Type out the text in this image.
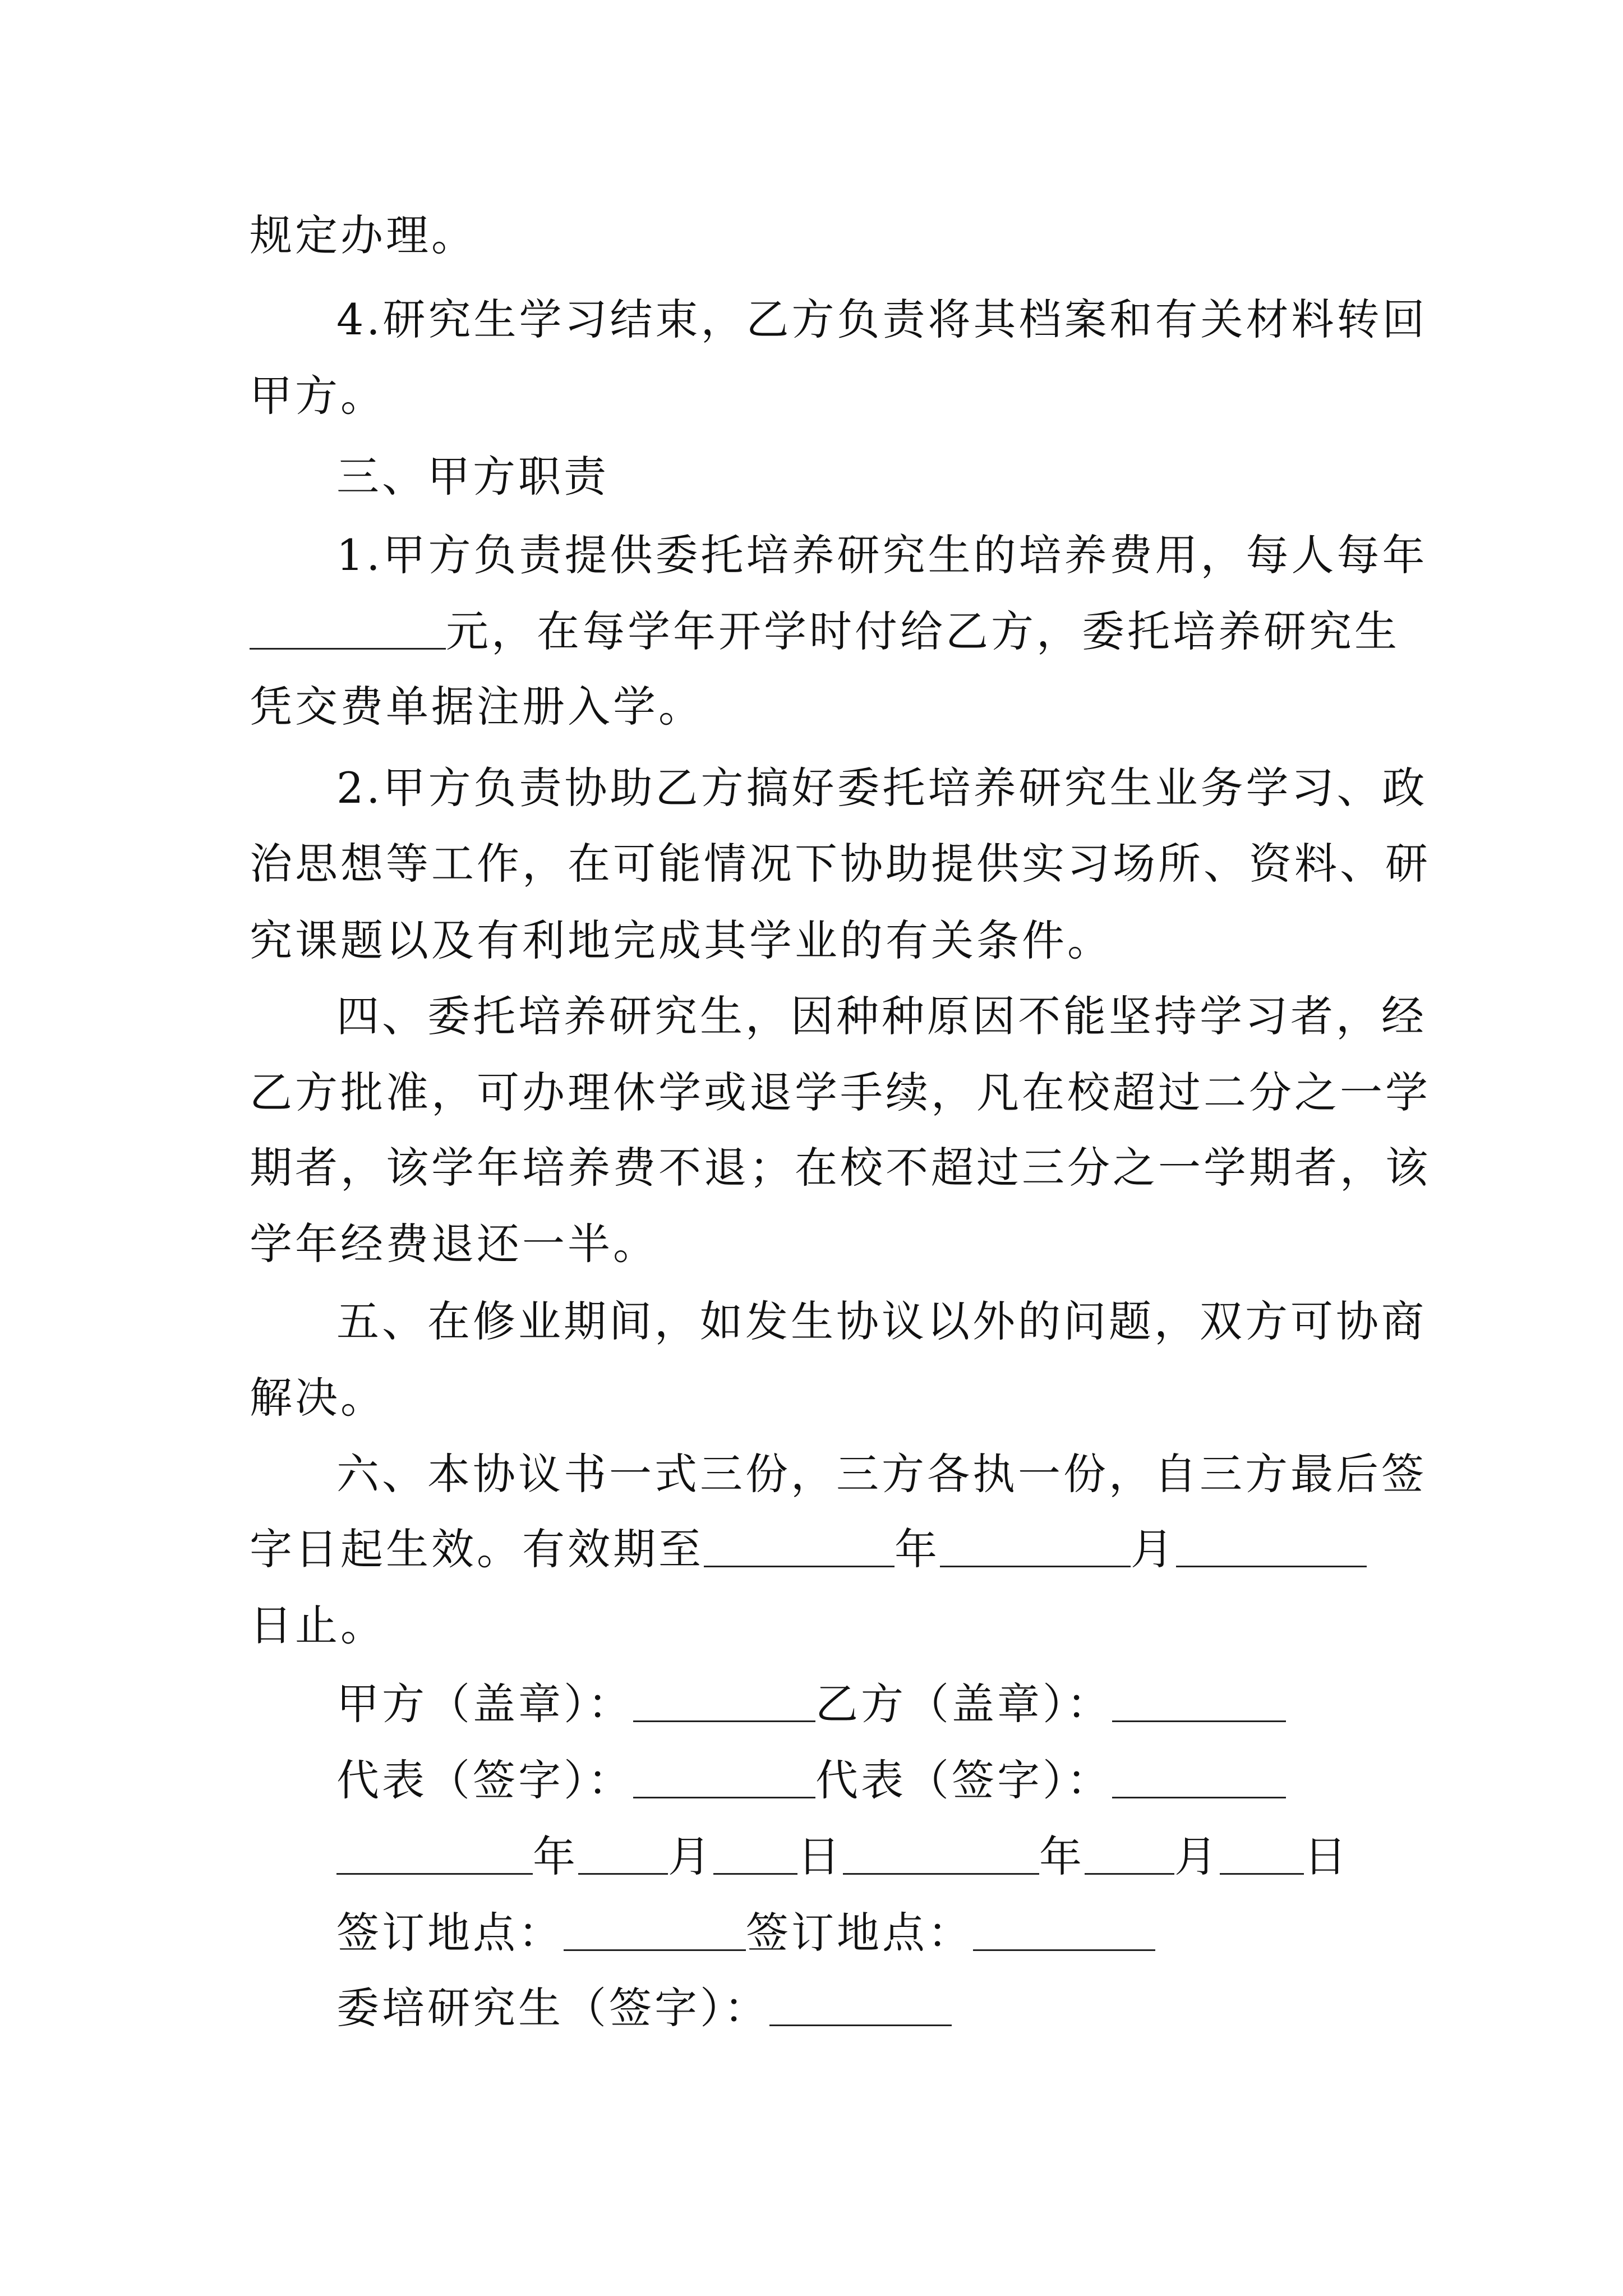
规定办理。
4.研究生学习结束，乙方负责将其档案和有关材料转回
甲方。
三、甲方职责
1.甲方负责提供委托培养研究生的培养费用，每人每年
元，在每学年开学时付给乙方，委托培养研究生
凭交费单据注册入学。
2.甲方负责协助乙方搞好委托培养研究生业务学习、政
治思想等工作，在可能情况下协助提供实习场所、资料、研
究课题以及有利地完成其学业的有关条件。
四、委托培养研究生，因种种原因不能坚持学习者，经
乙方批准，可办理休学或退学手续，凡在校超过二分之一学
期者，该学年培养费不退；在校不超过三分之一学期者，该
学年经费退还一半。
五、在修业期间，如发生协议以外的问题，双方可协商
解决。
六、本协议书一式三份，三方各执一份，自三方最后签
字日起生效。有效期至	年	月
日止。
甲方（盖章）：	乙方（盖章）：
代表（签字）：	代表（签字）：
年 月 日	年 月 日
签订地点：	签订地点：
委培研究生（签字）：
